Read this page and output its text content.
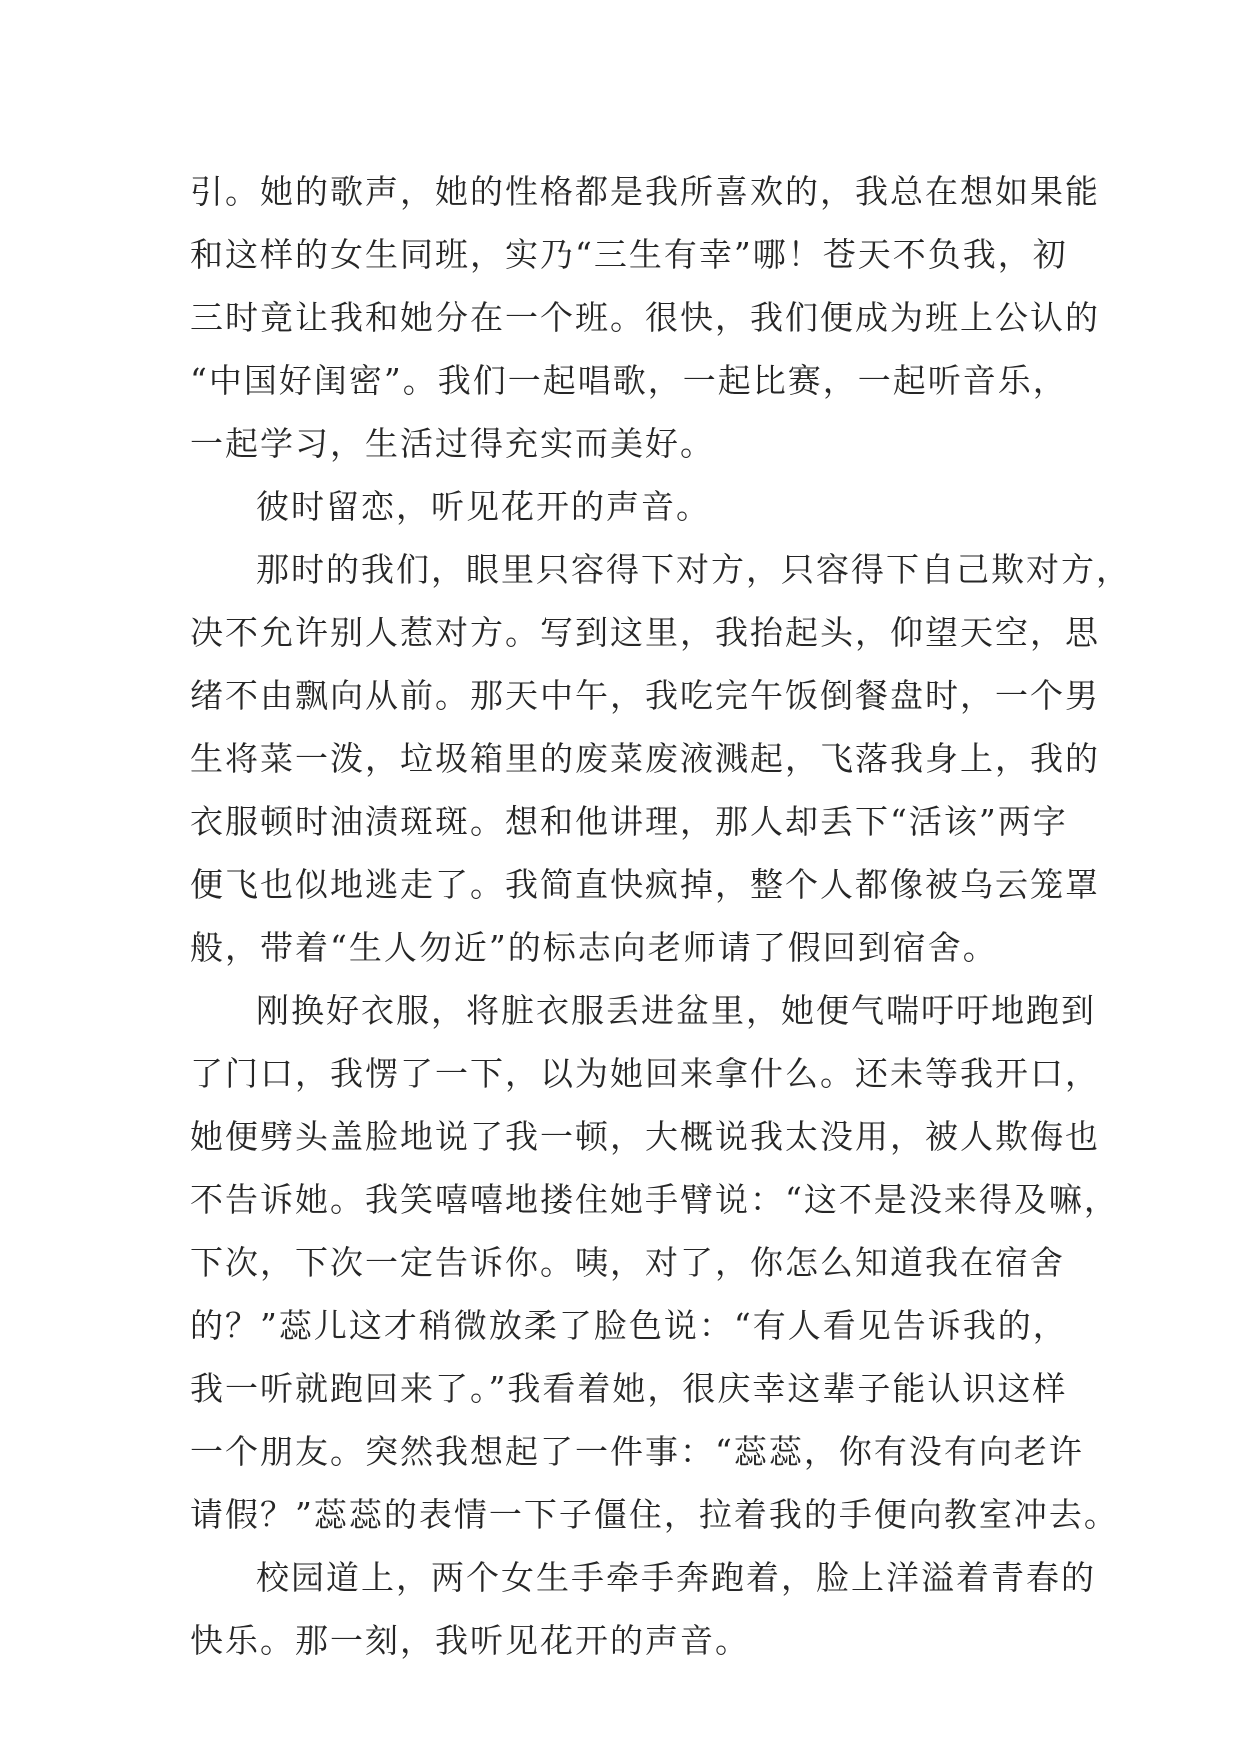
引。她的歌声，她的性格都是我所喜欢的，我总在想如果能
和这样的女生同班，实乃“三生有幸”哪！苍天不负我，初
三时竟让我和她分在一个班。很快，我们便成为班上公认的
“中国好闺密”。我们一起唱歌，一起比赛，一起听音乐，
一起学习，生活过得充实而美好。
彼时留恋，听见花开的声音。
那时的我们，眼里只容得下对方，只容得下自己欺对方，
决不允许别人惹对方。写到这里，我抬起头，仰望天空，思
绪不由飘向从前。那天中午，我吃完午饭倒餐盘时，一个男
生将菜一泼，垃圾箱里的废菜废液溅起，飞落我身上，我的
衣服顿时油渍斑斑。想和他讲理，那人却丢下“活该”两字
便飞也似地逃走了。我简直快疯掉，整个人都像被乌云笼罩
般，带着“生人勿近”的标志向老师请了假回到宿舍。
刚换好衣服，将脏衣服丢进盆里，她便气喘吁吁地跑到
了门口，我愣了一下，以为她回来拿什么。还未等我开口，
她便劈头盖脸地说了我一顿，大概说我太没用，被人欺侮也
不告诉她。我笑嘻嘻地搂住她手臂说：“这不是没来得及嘛，
下次，下次一定告诉你。咦，对了，你怎么知道我在宿舍
的？”蕊儿这才稍微放柔了脸色说：“有人看见告诉我的，
我一听就跑回来了。”我看着她，很庆幸这辈子能认识这样
一个朋友。突然我想起了一件事：“蕊蕊，你有没有向老许
请假？”蕊蕊的表情一下子僵住，拉着我的手便向教室冲去。
校园道上，两个女生手牵手奔跑着，脸上洋溢着青春的
快乐。那一刻，我听见花开的声音。
